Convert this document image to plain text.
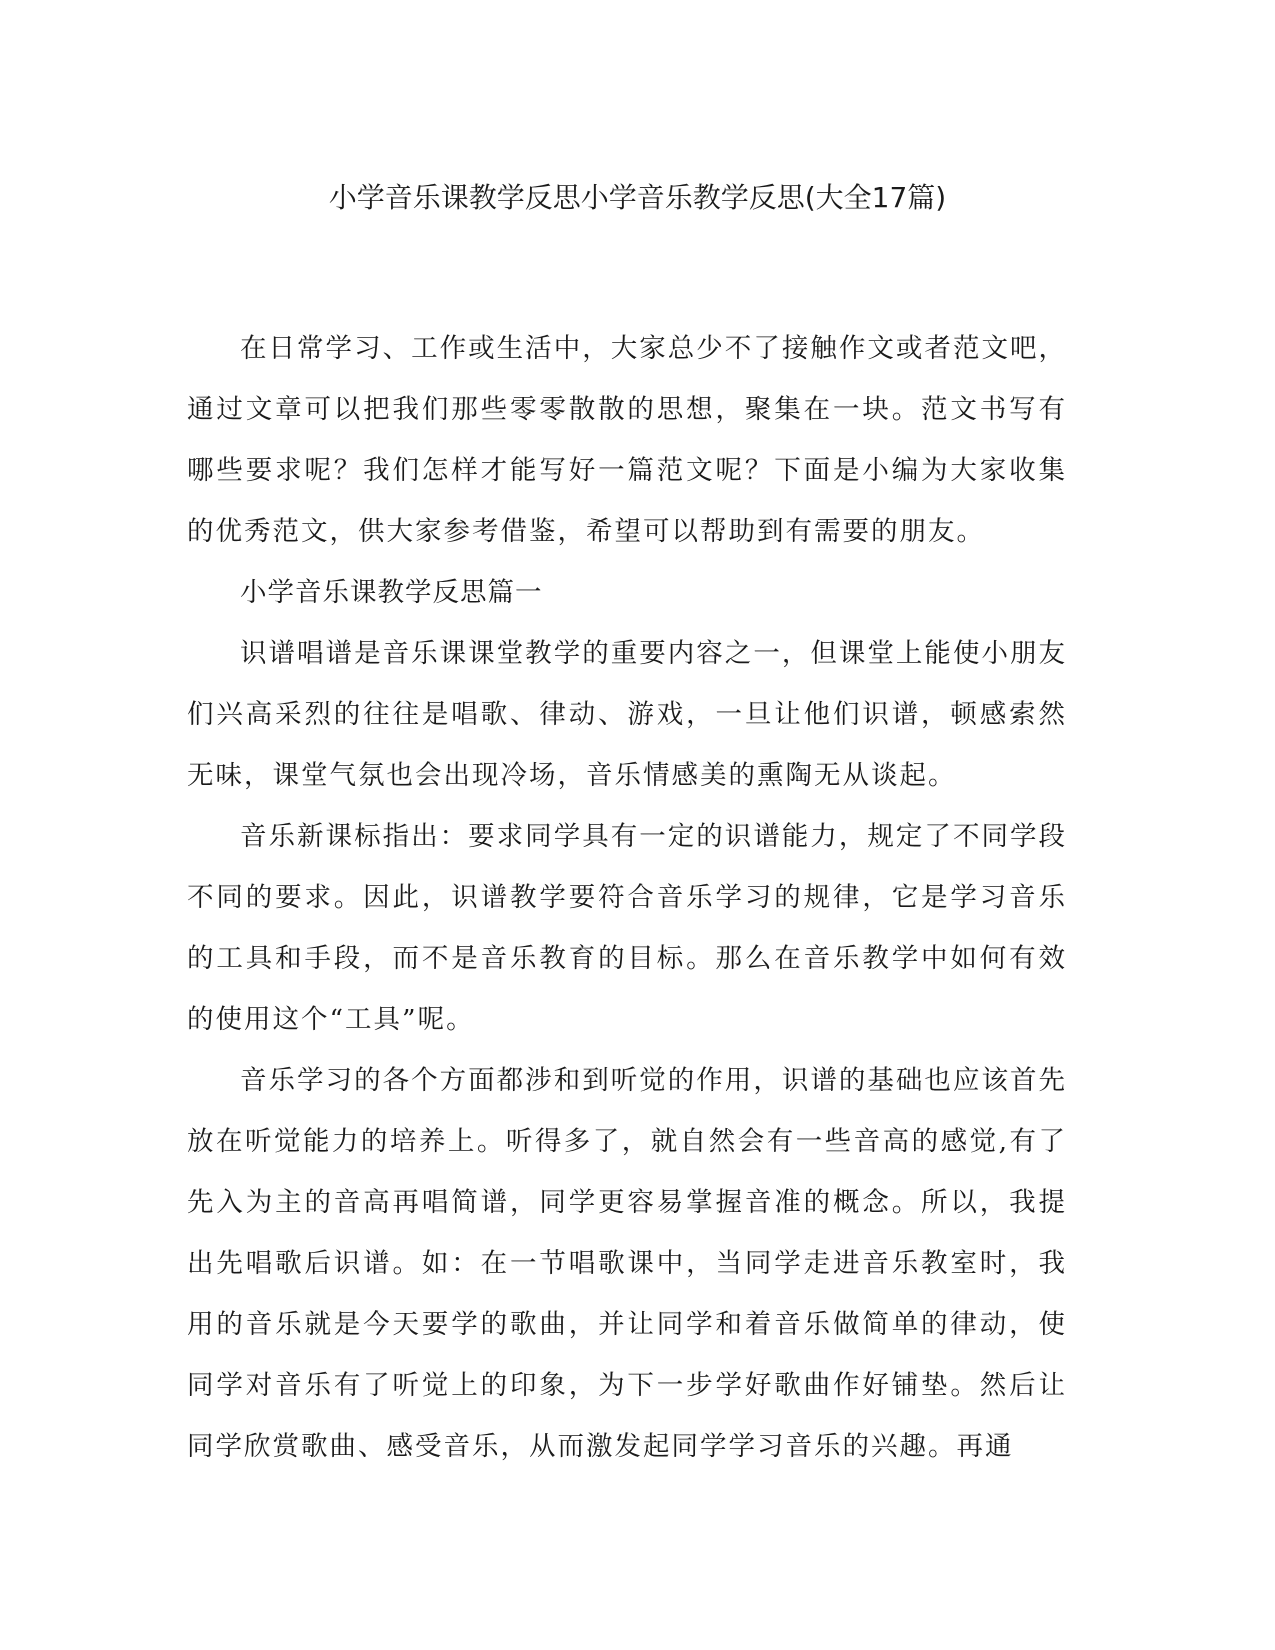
小学音乐课教学反思小学音乐教学反思(大全17篇)

在日常学习、工作或生活中，大家总少不了接触作文或者范文吧，通过文章可以把我们那些零零散散的思想，聚集在一块。范文书写有哪些要求呢？我们怎样才能写好一篇范文呢？下面是小编为大家收集的优秀范文，供大家参考借鉴，希望可以帮助到有需要的朋友。

小学音乐课教学反思篇一

识谱唱谱是音乐课课堂教学的重要内容之一，但课堂上能使小朋友们兴高采烈的往往是唱歌、律动、游戏，一旦让他们识谱，顿感索然无味，课堂气氛也会出现冷场，音乐情感美的熏陶无从谈起。

音乐新课标指出：要求同学具有一定的识谱能力，规定了不同学段不同的要求。因此，识谱教学要符合音乐学习的规律，它是学习音乐的工具和手段，而不是音乐教育的目标。那么在音乐教学中如何有效的使用这个“工具”呢。

音乐学习的各个方面都涉和到听觉的作用，识谱的基础也应该首先放在听觉能力的培养上。听得多了，就自然会有一些音高的感觉,有了先入为主的音高再唱简谱，同学更容易掌握音准的概念。所以，我提出先唱歌后识谱。如：在一节唱歌课中，当同学走进音乐教室时，我用的音乐就是今天要学的歌曲，并让同学和着音乐做简单的律动，使同学对音乐有了听觉上的印象，为下一步学好歌曲作好铺垫。然后让同学欣赏歌曲、感受音乐，从而激发起同学学习音乐的兴趣。再通
